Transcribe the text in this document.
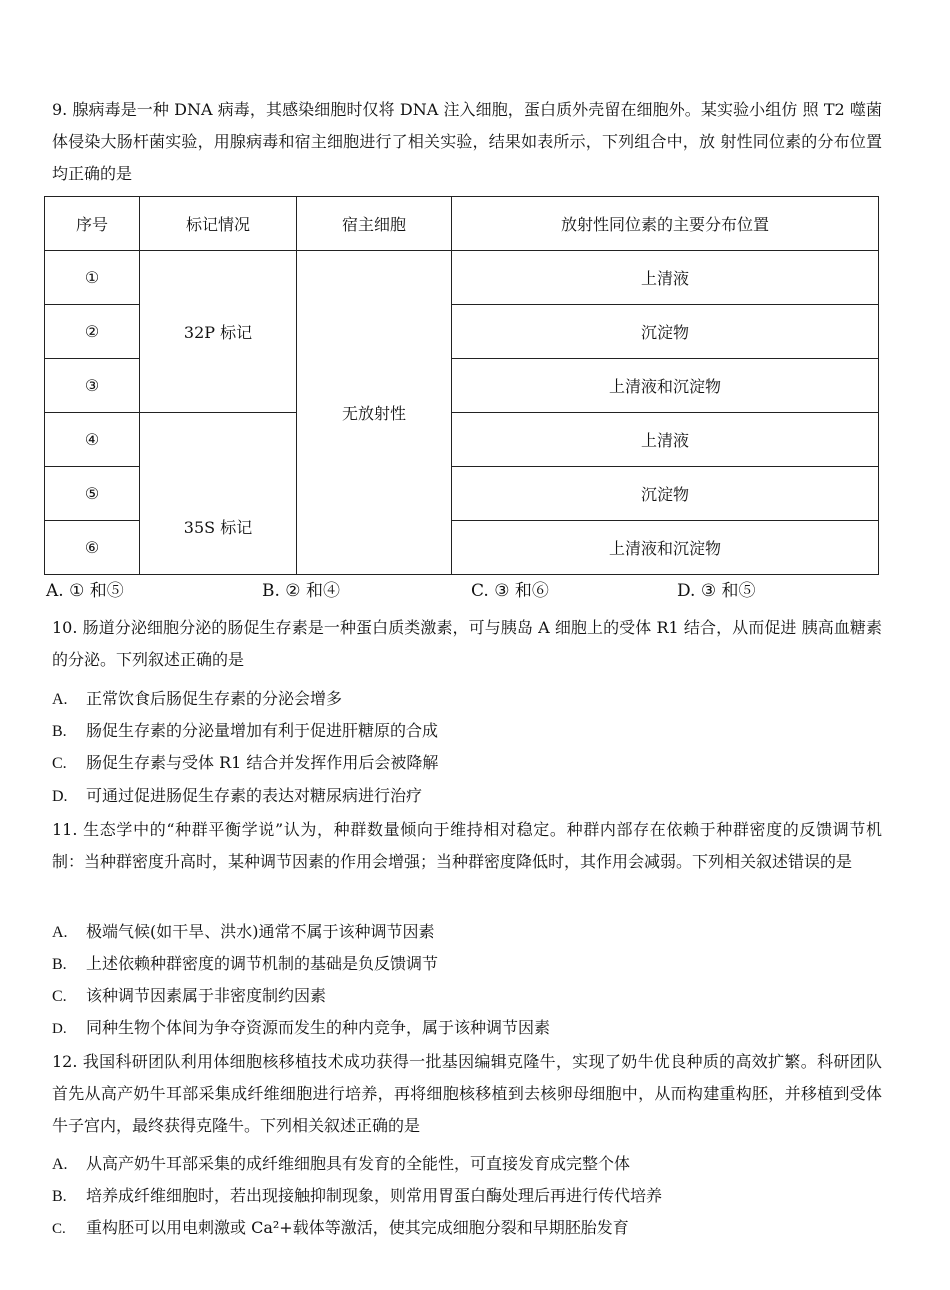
9. 腺病毒是一种 DNA 病毒，其感染细胞时仅将 DNA 注入细胞，蛋白质外壳留在细胞外。某实验小组仿 照 T2 噬菌体侵染大肠杆菌实验，用腺病毒和宿主细胞进行了相关实验，结果如表所示，下列组合中，放 射性同位素的分布位置均正确的是
序号	标记情况	宿主细胞	放射性同位素的主要分布位置
①	32P 标记	无放射性	上清液
②			沉淀物
③			上清液和沉淀物
④	35S 标记		上清液
⑤			沉淀物
⑥			上清液和沉淀物
A. ① 和⑤	B. ② 和④	C. ③ 和⑥	D. ③ 和⑤
10. 肠道分泌细胞分泌的肠促生存素是一种蛋白质类激素，可与胰岛 A 细胞上的受体 R1 结合，从而促进 胰高血糖素的分泌。下列叙述正确的是
A. 正常饮食后肠促生存素的分泌会增多
B. 肠促生存素的分泌量增加有利于促进肝糖原的合成
C. 肠促生存素与受体 R1 结合并发挥作用后会被降解
D. 可通过促进肠促生存素的表达对糖尿病进行治疗
11. 生态学中的“种群平衡学说”认为，种群数量倾向于维持相对稳定。种群内部存在依赖于种群密度的反馈调节机制：当种群密度升高时，某种调节因素的作用会增强；当种群密度降低时，其作用会减弱。下列相关叙述错误的是
A. 极端气候(如干旱、洪水)通常不属于该种调节因素
B. 上述依赖种群密度的调节机制的基础是负反馈调节
C. 该种调节因素属于非密度制约因素
D. 同种生物个体间为争夺资源而发生的种内竞争，属于该种调节因素
12. 我国科研团队利用体细胞核移植技术成功获得一批基因编辑克隆牛，实现了奶牛优良种质的高效扩繁。科研团队首先从高产奶牛耳部采集成纤维细胞进行培养，再将细胞核移植到去核卵母细胞中，从而构建重构胚，并移植到受体牛子宫内，最终获得克隆牛。下列相关叙述正确的是
A. 从高产奶牛耳部采集的成纤维细胞具有发育的全能性，可直接发育成完整个体
B. 培养成纤维细胞时，若出现接触抑制现象，则常用胃蛋白酶处理后再进行传代培养
C. 重构胚可以用电刺激或 Ca²+载体等激活，使其完成细胞分裂和早期胚胎发育
